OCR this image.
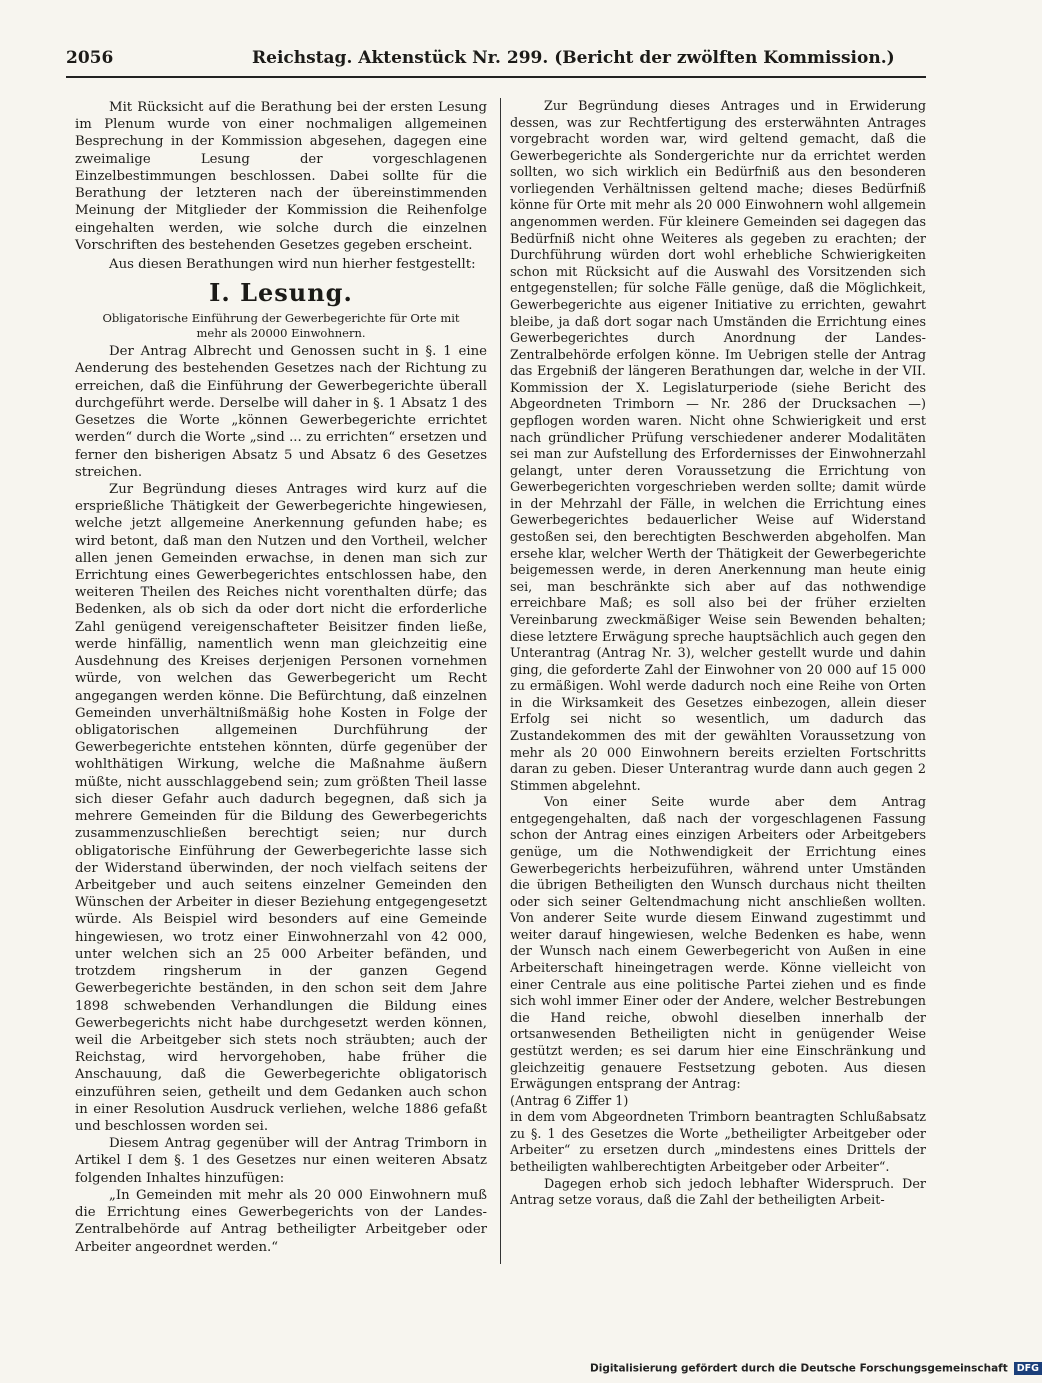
2056	Reichstag. Aktenstück Nr. 299. (Bericht der zwölften Kommission.)

Mit Rücksicht auf die Berathung bei der ersten Lesung im Plenum wurde von einer nochmaligen allgemeinen Besprechung in der Kommission abgesehen, dagegen eine zweimalige Lesung der vorgeschlagenen Einzelbestimmungen beschlossen. Dabei sollte für die Berathung der letzteren nach der übereinstimmenden Meinung der Mitglieder der Kommission die Reihenfolge eingehalten werden, wie solche durch die einzelnen Vorschriften des bestehenden Gesetzes gegeben erscheint.

Aus diesen Berathungen wird nun hierher festgestellt:

I. Lesung.
Obligatorische Einführung der Gewerbegerichte für Orte mit mehr als 20000 Einwohnern.

Der Antrag Albrecht und Genossen sucht in §. 1 eine Aenderung des bestehenden Gesetzes nach der Richtung zu erreichen, daß die Einführung der Gewerbegerichte überall durchgeführt werde. Derselbe will daher in §. 1 Absatz 1 des Gesetzes die Worte „können Gewerbegerichte errichtet werden“ durch die Worte „sind ... zu errichten“ ersetzen und ferner den bisherigen Absatz 5 und Absatz 6 des Gesetzes streichen.

Zur Begründung dieses Antrages wird kurz auf die ersprießliche Thätigkeit der Gewerbegerichte hingewiesen, welche jetzt allgemeine Anerkennung gefunden habe; es wird betont, daß man den Nutzen und den Vortheil, welcher allen jenen Gemeinden erwachse, in denen man sich zur Errichtung eines Gewerbegerichtes entschlossen habe, den weiteren Theilen des Reiches nicht vorenthalten dürfe; das Bedenken, als ob sich da oder dort nicht die erforderliche Zahl genügend vereigenschafteter Beisitzer finden ließe, werde hinfällig, namentlich wenn man gleichzeitig eine Ausdehnung des Kreises derjenigen Personen vornehmen würde, von welchen das Gewerbegericht um Recht angegangen werden könne. Die Befürchtung, daß einzelnen Gemeinden unverhältnißmäßig hohe Kosten in Folge der obligatorischen allgemeinen Durchführung der Gewerbegerichte entstehen könnten, dürfe gegenüber der wohlthätigen Wirkung, welche die Maßnahme äußern müßte, nicht ausschlaggebend sein; zum größten Theil lasse sich dieser Gefahr auch dadurch begegnen, daß sich ja mehrere Gemeinden für die Bildung des Gewerbegerichts zusammenzuschließen berechtigt seien; nur durch obligatorische Einführung der Gewerbegerichte lasse sich der Widerstand überwinden, der noch vielfach seitens der Arbeitgeber und auch seitens einzelner Gemeinden den Wünschen der Arbeiter in dieser Beziehung entgegengesetzt würde. Als Beispiel wird besonders auf eine Gemeinde hingewiesen, wo trotz einer Einwohnerzahl von 42 000, unter welchen sich an 25 000 Arbeiter befänden, und trotzdem ringsherum in der ganzen Gegend Gewerbegerichte beständen, in den schon seit dem Jahre 1898 schwebenden Verhandlungen die Bildung eines Gewerbegerichts nicht habe durchgesetzt werden können, weil die Arbeitgeber sich stets noch sträubten; auch der Reichstag, wird hervorgehoben, habe früher die Anschauung, daß die Gewerbegerichte obligatorisch einzuführen seien, getheilt und dem Gedanken auch schon in einer Resolution Ausdruck verliehen, welche 1886 gefaßt und beschlossen worden sei.

Diesem Antrag gegenüber will der Antrag Trimborn in Artikel I dem §. 1 des Gesetzes nur einen weiteren Absatz folgenden Inhaltes hinzufügen:

„In Gemeinden mit mehr als 20 000 Einwohnern muß die Errichtung eines Gewerbegerichts von der Landes-Zentralbehörde auf Antrag betheiligter Arbeitgeber oder Arbeiter angeordnet werden.“

Zur Begründung dieses Antrages und in Erwiderung dessen, was zur Rechtfertigung des ersterwähnten Antrages vorgebracht worden war, wird geltend gemacht, daß die Gewerbegerichte als Sondergerichte nur da errichtet werden sollten, wo sich wirklich ein Bedürfniß aus den besonderen vorliegenden Verhältnissen geltend mache; dieses Bedürfniß könne für Orte mit mehr als 20 000 Einwohnern wohl allgemein angenommen werden. Für kleinere Gemeinden sei dagegen das Bedürfniß nicht ohne Weiteres als gegeben zu erachten; der Durchführung würden dort wohl erhebliche Schwierigkeiten schon mit Rücksicht auf die Auswahl des Vorsitzenden sich entgegenstellen; für solche Fälle genüge, daß die Möglichkeit, Gewerbegerichte aus eigener Initiative zu errichten, gewahrt bleibe, ja daß dort sogar nach Umständen die Errichtung eines Gewerbegerichtes durch Anordnung der Landes-Zentralbehörde erfolgen könne. Im Uebrigen stelle der Antrag das Ergebniß der längeren Berathungen dar, welche in der VII. Kommission der X. Legislaturperiode (siehe Bericht des Abgeordneten Trimborn — Nr. 286 der Drucksachen —) gepflogen worden waren. Nicht ohne Schwierigkeit und erst nach gründlicher Prüfung verschiedener anderer Modalitäten sei man zur Aufstellung des Erfordernisses der Einwohnerzahl gelangt, unter deren Voraussetzung die Errichtung von Gewerbegerichten vorgeschrieben werden sollte; damit würde in der Mehrzahl der Fälle, in welchen die Errichtung eines Gewerbegerichtes bedauerlicher Weise auf Widerstand gestoßen sei, den berechtigten Beschwerden abgeholfen. Man ersehe klar, welcher Werth der Thätigkeit der Gewerbegerichte beigemessen werde, in deren Anerkennung man heute einig sei, man beschränkte sich aber auf das nothwendige erreichbare Maß; es soll also bei der früher erzielten Vereinbarung zweckmäßiger Weise sein Bewenden behalten; diese letztere Erwägung spreche hauptsächlich auch gegen den Unterantrag (Antrag Nr. 3), welcher gestellt wurde und dahin ging, die geforderte Zahl der Einwohner von 20 000 auf 15 000 zu ermäßigen. Wohl werde dadurch noch eine Reihe von Orten in die Wirksamkeit des Gesetzes einbezogen, allein dieser Erfolg sei nicht so wesentlich, um dadurch das Zustandekommen des mit der gewählten Voraussetzung von mehr als 20 000 Einwohnern bereits erzielten Fortschritts daran zu geben. Dieser Unterantrag wurde dann auch gegen 2 Stimmen abgelehnt.

Von einer Seite wurde aber dem Antrag entgegengehalten, daß nach der vorgeschlagenen Fassung schon der Antrag eines einzigen Arbeiters oder Arbeitgebers genüge, um die Nothwendigkeit der Errichtung eines Gewerbegerichts herbeizuführen, während unter Umständen die übrigen Betheiligten den Wunsch durchaus nicht theilten oder sich seiner Geltendmachung nicht anschließen wollten. Von anderer Seite wurde diesem Einwand zugestimmt und weiter darauf hingewiesen, welche Bedenken es habe, wenn der Wunsch nach einem Gewerbegericht von Außen in eine Arbeiterschaft hineingetragen werde. Könne vielleicht von einer Centrale aus eine politische Partei ziehen und es finde sich wohl immer Einer oder der Andere, welcher Bestrebungen die Hand reiche, obwohl dieselben innerhalb der ortsanwesenden Betheiligten nicht in genügender Weise gestützt werden; es sei darum hier eine Einschränkung und gleichzeitig genauere Festsetzung geboten. Aus diesen Erwägungen entsprang der Antrag:

(Antrag 6 Ziffer 1)

in dem vom Abgeordneten Trimborn beantragten Schlußabsatz zu §. 1 des Gesetzes die Worte „betheiligter Arbeitgeber oder Arbeiter“ zu ersetzen durch „mindestens eines Drittels der betheiligten wahlberechtigten Arbeitgeber oder Arbeiter“.

Dagegen erhob sich jedoch lebhafter Widerspruch. Der Antrag setze voraus, daß die Zahl der betheiligten Arbeit-

Digitalisierung gefördert durch die Deutsche Forschungsgemeinschaft DFG
